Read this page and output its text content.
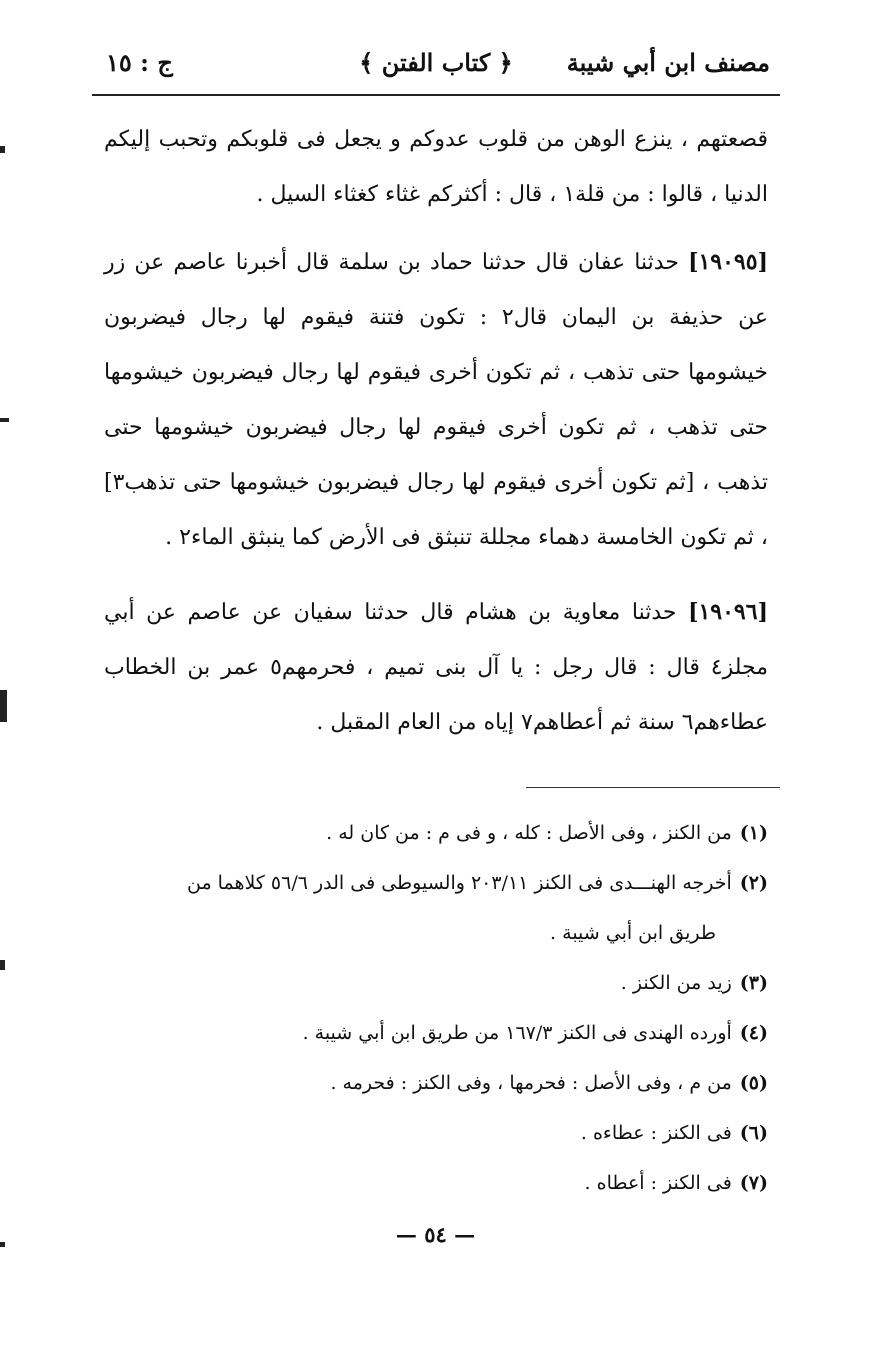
مصنف ابن أبي شيبة
﴿ كتاب الفتن ﴾
ج : ١٥

قصعتهم ، ينزع الوهن من قلوب عدوكم و يجعل فى قلوبكم وتحبب إليكم الدنيا ، قالوا : من قلة١ ، قال : أكثركم غثاء كغثاء السيل .

[١٩٠٩٥] حدثنا عفان قال حدثنا حماد بن سلمة قال أخبرنا عاصم عن زر عن حذيفة بن اليمان قال٢ : تكون فتنة فيقوم لها رجال فيضربون خيشومها حتى تذهب ، ثم تكون أخرى فيقوم لها رجال فيضربون خيشومها حتى تذهب ، ثم تكون أخرى فيقوم لها رجال فيضربون خيشومها حتى تذهب ، [ثم تكون أخرى فيقوم لها رجال فيضربون خيشومها حتى تذهب٣] ، ثم تكون الخامسة دهماء مجللة تنبثق فى الأرض كما ينبثق الماء٢ .

[١٩٠٩٦] حدثنا معاوية بن هشام قال حدثنا سفيان عن عاصم عن أبي مجلز٤ قال : قال رجل : يا آل بنى تميم ، فحرمهم٥ عمر بن الخطاب عطاءهم٦ سنة ثم أعطاهم٧ إياه من العام المقبل .

(١)من الكنز ، وفى الأصل : كله ، و فى م : من كان له .
(٢)أخرجه الهنـــدى فى الكنز ٢٠٣/١١ والسيوطى فى الدر ٥٦/٦ كلاهما من
طريق ابن أبي شيبة .
(٣)زيد من الكنز .
(٤)أورده الهندى فى الكنز ١٦٧/٣ من طريق ابن أبي شيبة .
(٥)من م ، وفى الأصل : فحرمها ، وفى الكنز : فحرمه .
(٦)فى الكنز : عطاءه .
(٧)فى الكنز : أعطاه .
— ٥٤ —
